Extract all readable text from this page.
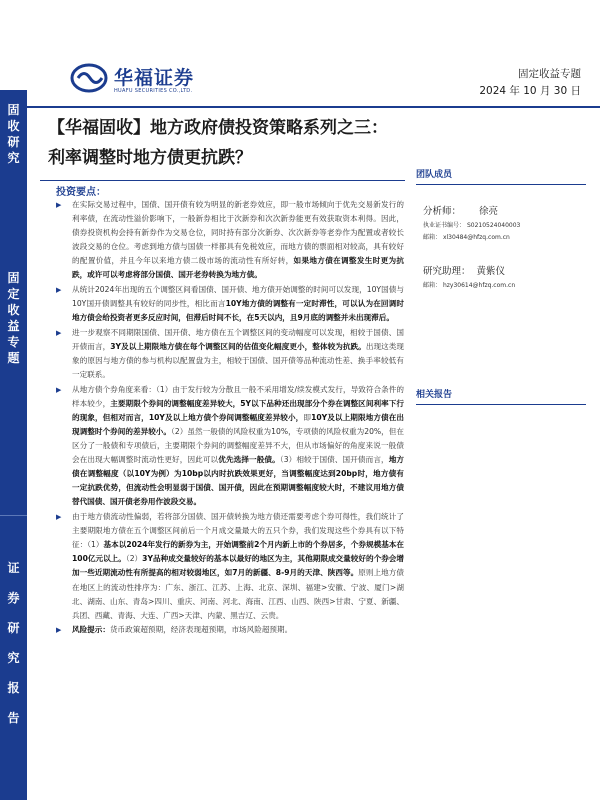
固收研究
固定收益专题
证券研究报告
华福证券
HUAFU SECURITIES CO.,LTD.
固定收益专题
2024 年 10 月 30 日
【华福固收】地方政府债投资策略系列之三：利率调整时地方债更抗跌？
投资要点：
▶ 在实际交易过程中，国债、国开债有较为明显的新老券效应，即一般市场倾向于优先交易新发行的利率债，在流动性溢价影响下，一般新券相比于次新券和次次新券能更有效获取资本利得。因此，债券投资机构会持有新券作为交易仓位，同时持有部分次新券、次次新券等老券作为配置或者较长波段交易的仓位。考虑到地方债与国债一样都具有免税效应，而地方债的票面相对较高，具有较好的配置价值，并且今年以来地方债二级市场的流动性有所好转，如果地方债在调整发生时更为抗跌，或许可以考虑将部分国债、国开老券转换为地方债。
▶ 从统计2024年出现的五个调整区间看国债、国开债、地方债开始调整的时间可以发现，10Y国债与10Y国开债调整具有较好的同步性，相比而言10Y地方债的调整有一定时滞性，可以认为在回调时地方债会给投资者更多反应时间，但滞后时间不长，在5天以内，且9月底的调整并未出现滞后。
▶ 进一步观察不同期限国债、国开债、地方债在五个调整区间的变动幅度可以发现，相较于国债、国开债而言，3Y及以上期限地方债在每个调整区间的估值变化幅度更小，整体较为抗跌。出现这类现象的原因与地方债的参与机构以配置盘为主，相较于国债、国开债等品种流动性差、换手率较低有一定联系。
▶ 从地方债个券角度来看：（1）由于发行较为分散且一般不采用增发/续发模式发行，导致符合条件的样本较少，主要期限个券间的调整幅度差异较大，5Y以下品种还出现部分个券在调整区间利率下行的现象，但相对而言，10Y及以上地方债个券间调整幅度差异较小，即10Y及以上期限地方债在出现调整时个券间的差异较小。（2）虽然一般债的风险权重为10%，专项债的风险权重为20%，但在区分了一般债和专项债后，主要期限个券间的调整幅度差异不大，但从市场偏好的角度来说一般债会在出现大幅调整时流动性更好，因此可以优先选择一般债。（3）相较于国债、国开债而言，地方债在调整幅度（以10Y为例）为10bp以内时抗跌效果更好，当调整幅度达到20bp时，地方债有一定抗跌优势，但流动性会明显弱于国债、国开债，因此在预期调整幅度较大时，不建议用地方债替代国债、国开债老券用作波段交易。
▶ 由于地方债流动性偏弱，若将部分国债、国开债转换为地方债还需要考虑个券可得性，我们统计了主要期限地方债在五个调整区间前后一个月成交量最大的五只个券，我们发现这些个券具有以下特征：（1）基本以2024年发行的新券为主，开始调整前2个月内新上市的个券居多，个券规模基本在100亿元以上。（2）3Y品种成交量较好的基本以最好的地区为主，其他期限成交量较好的个券会增加一些近期流动性有所提高的相对较弱地区，如7月的新疆、8-9月的天津、陕西等。原则上地方债在地区上的流动性排序为：广东、浙江、江苏、上海、北京、深圳、福建>安徽、宁波、厦门>湖北、湖南、山东、青岛>四川、重庆、河南、河北、海南、江西、山西、陕西>甘肃、宁夏、新疆、兵团、西藏、青海、大连、广西>天津、内蒙、黑吉辽、云贵。
▶ 风险提示：货币政策超预期，经济表现超预期，市场风险超预期。
团队成员
分析师： 徐亮
执业证书编号： S0210524040003
邮箱： xl30484@hfzq.com.cn
研究助理： 黄紫仪
邮箱： hzy30614@hfzq.com.cn
相关报告
